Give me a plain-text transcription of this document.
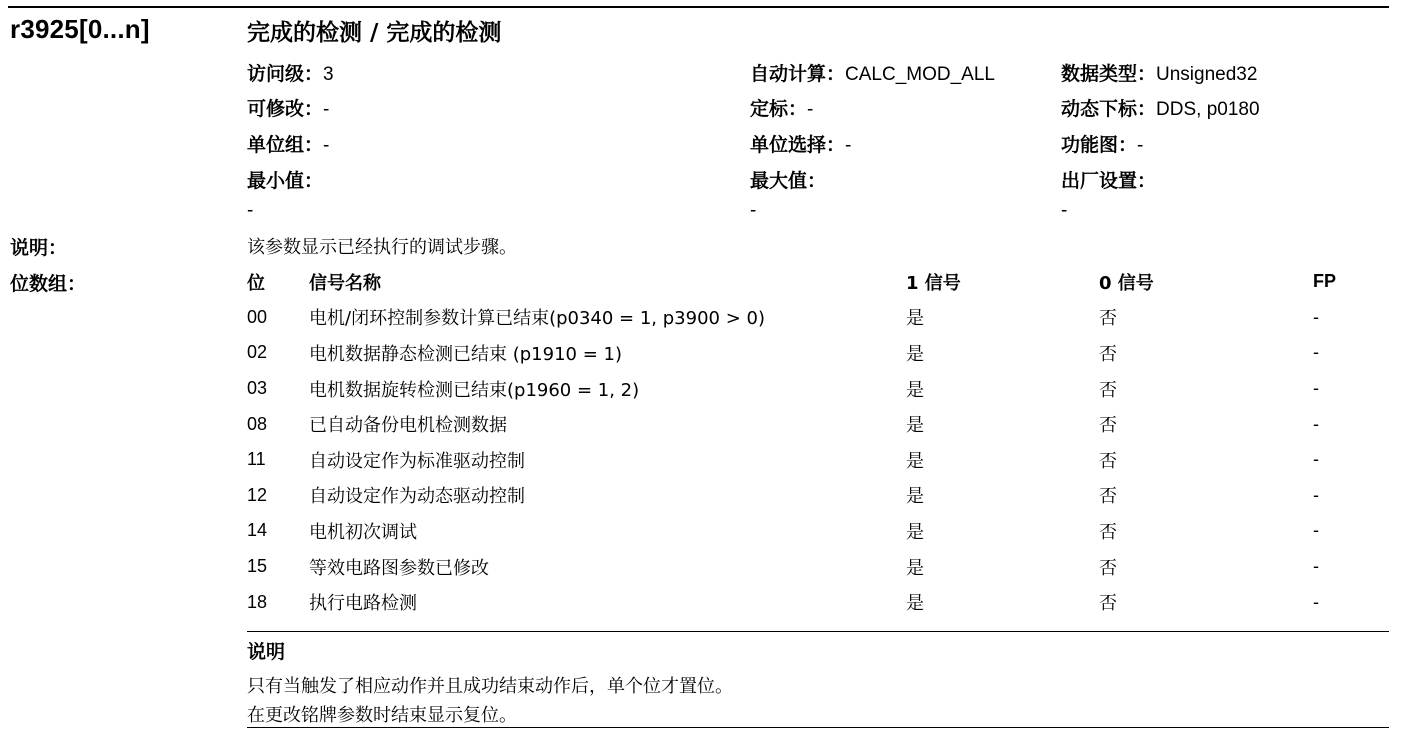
r3925[0...n]	完成的检测 / 完成的检测
访问级：3	自动计算：CALC_MOD_ALL	数据类型：Unsigned32
可修改：-	定标：-	动态下标：DDS, p0180
单位组：-	单位选择：-	功能图：-
最小值：	最大值：	出厂设置：
-	-	-
说明：	该参数显示已经执行的调试步骤。
位数组：	位	信号名称	1 信号	0 信号	FP
00	电机/闭环控制参数计算已结束(p0340 = 1, p3900 > 0)	是	否	-
02	电机数据静态检测已结束 (p1910 = 1)	是	否	-
03	电机数据旋转检测已结束(p1960 = 1, 2)	是	否	-
08	已自动备份电机检测数据	是	否	-
11	自动设定作为标准驱动控制	是	否	-
12	自动设定作为动态驱动控制	是	否	-
14	电机初次调试	是	否	-
15	等效电路图参数已修改	是	否	-
18	执行电路检测	是	否	-
说明
只有当触发了相应动作并且成功结束动作后，单个位才置位。
在更改铭牌参数时结束显示复位。
